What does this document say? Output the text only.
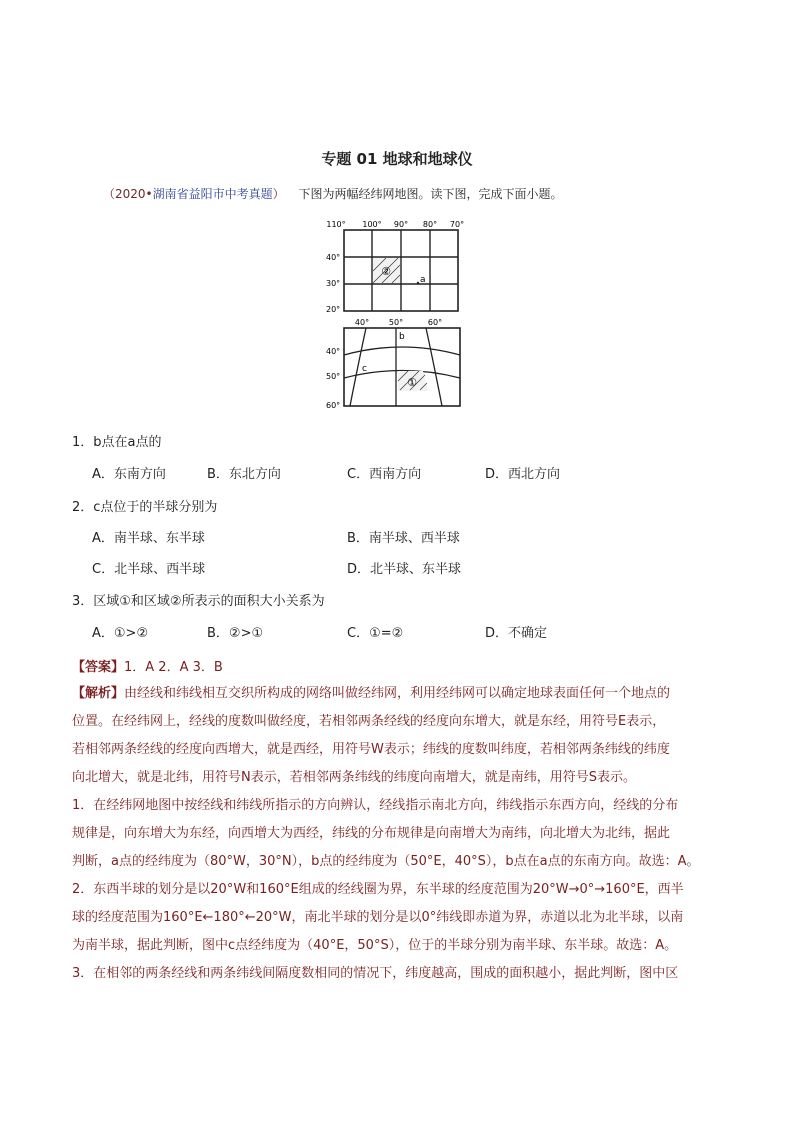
专题 01 地球和地球仪
（2020•湖南省益阳市中考真题） 下图为两幅经纬网地图。读下图，完成下面小题。
110° 100° 90° 80° 70°
40°
30°
20°
②
a
40° 50°	60°
40°
50°
60°
①
b
c
1．b点在a点的
A．东南方向	B．东北方向	C．西南方向	D．西北方向
2．c点位于的半球分别为
A．南半球、东半球	B．南半球、西半球
C．北半球、西半球	D．北半球、东半球
3．区域①和区域②所表示的面积大小关系为
A．①>②	B．②>①	C．①=②	D．不确定
【答案】1．A 2．A 3．B

【解析】由经线和纬线相互交织所构成的网络叫做经纬网，利用经纬网可以确定地球表面任何一个地点的

位置。在经纬网上，经线的度数叫做经度，若相邻两条经线的经度向东增大，就是东经，用符号E表示，

若相邻两条经线的经度向西增大，就是西经，用符号W表示；纬线的度数叫纬度，若相邻两条纬线的纬度

向北增大，就是北纬，用符号N表示，若相邻两条纬线的纬度向南增大，就是南纬，用符号S表示。

1．在经纬网地图中按经线和纬线所指示的方向辨认，经线指示南北方向，纬线指示东西方向，经线的分布

规律是，向东增大为东经，向西增大为西经，纬线的分布规律是向南增大为南纬，向北增大为北纬，据此

判断，a点的经纬度为（80°W，30°N），b点的经纬度为（50°E，40°S），b点在a点的东南方向。故选：A。

2．东西半球的划分是以20°W和160°E组成的经线圈为界，东半球的经度范围为20°W→0°→160°E，西半

球的经度范围为160°E←180°←20°W，南北半球的划分是以0°纬线即赤道为界，赤道以北为北半球，以南

为南半球，据此判断，图中c点经纬度为（40°E，50°S），位于的半球分别为南半球、东半球。故选：A。

3．在相邻的两条经线和两条纬线间隔度数相同的情况下，纬度越高，围成的面积越小，据此判断，图中区
